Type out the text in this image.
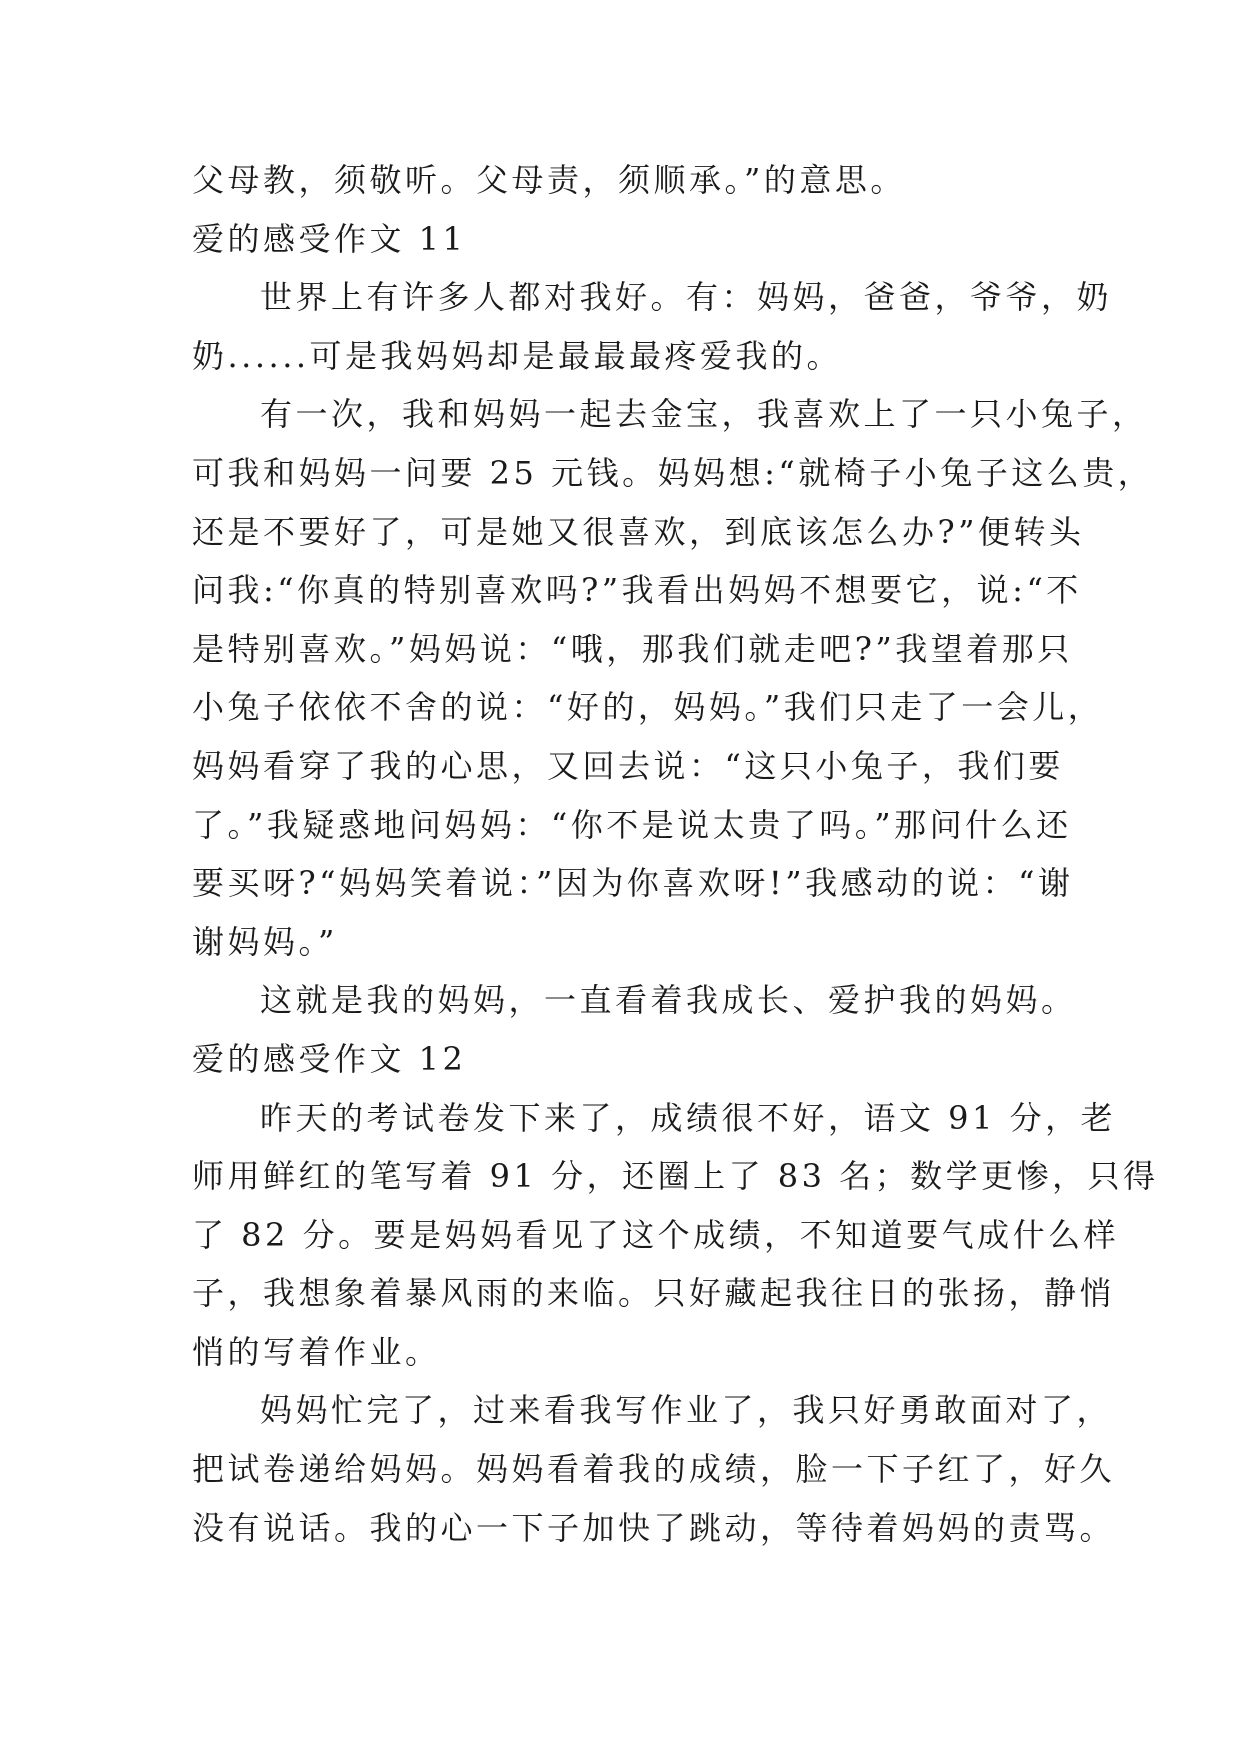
父母教，须敬听。父母责，须顺承。”的意思。
爱的感受作文 11
世界上有许多人都对我好。有：妈妈，爸爸，爷爷，奶
奶......可是我妈妈却是最最最疼爱我的。
有一次，我和妈妈一起去金宝，我喜欢上了一只小兔子，
可我和妈妈一问要 25 元钱。妈妈想:“就椅子小兔子这么贵，
还是不要好了，可是她又很喜欢，到底该怎么办?”便转头
问我:“你真的特别喜欢吗?”我看出妈妈不想要它，说:“不
是特别喜欢。”妈妈说：“哦，那我们就走吧?”我望着那只
小兔子依依不舍的说：“好的，妈妈。”我们只走了一会儿，
妈妈看穿了我的心思，又回去说：“这只小兔子，我们要
了。”我疑惑地问妈妈：“你不是说太贵了吗。”那问什么还
要买呀?“妈妈笑着说：”因为你喜欢呀!”我感动的说：“谢
谢妈妈。”
这就是我的妈妈，一直看着我成长、爱护我的妈妈。
爱的感受作文 12
昨天的考试卷发下来了，成绩很不好，语文 91 分，老
师用鲜红的笔写着 91 分，还圈上了 83 名；数学更惨，只得
了 82 分。要是妈妈看见了这个成绩，不知道要气成什么样
子，我想象着暴风雨的来临。只好藏起我往日的张扬，静悄
悄的写着作业。
妈妈忙完了，过来看我写作业了，我只好勇敢面对了，
把试卷递给妈妈。妈妈看着我的成绩，脸一下子红了，好久
没有说话。我的心一下子加快了跳动，等待着妈妈的责骂。
